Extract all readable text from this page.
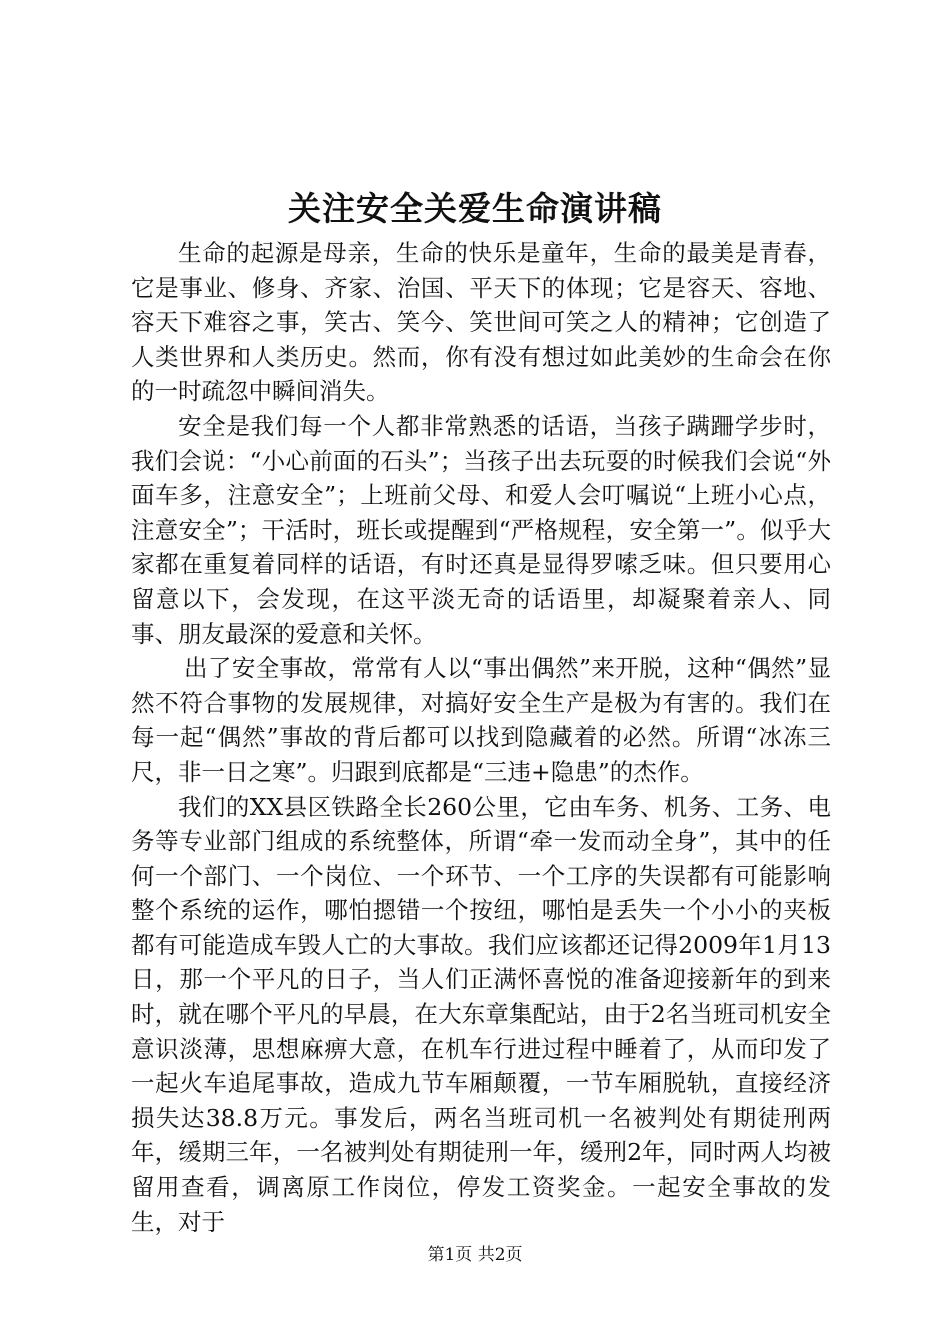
关注安全关爱生命演讲稿

生命的起源是母亲，生命的快乐是童年，生命的最美是青春，它是事业、修身、齐家、治国、平天下的体现；它是容天、容地、容天下难容之事，笑古、笑今、笑世间可笑之人的精神；它创造了人类世界和人类历史。然而，你有没有想过如此美妙的生命会在你的一时疏忽中瞬间消失。

安全是我们每一个人都非常熟悉的话语，当孩子蹒跚学步时，我们会说：“小心前面的石头”；当孩子出去玩耍的时候我们会说“外面车多，注意安全”；上班前父母、和爱人会叮嘱说“上班小心点，注意安全”；干活时，班长或提醒到“严格规程，安全第一”。似乎大家都在重复着同样的话语，有时还真是显得罗嗦乏味。但只要用心留意以下，会发现，在这平淡无奇的话语里，却凝聚着亲人、同事、朋友最深的爱意和关怀。

出了安全事故，常常有人以“事出偶然”来开脱，这种“偶然”显然不符合事物的发展规律，对搞好安全生产是极为有害的。我们在每一起“偶然”事故的背后都可以找到隐藏着的必然。所谓“冰冻三尺，非一日之寒”。归跟到底都是“三违+隐患”的杰作。

我们的XX县区铁路全长260公里，它由车务、机务、工务、电务等专业部门组成的系统整体，所谓“牵一发而动全身”，其中的任何一个部门、一个岗位、一个环节、一个工序的失误都有可能影响整个系统的运作，哪怕摁错一个按纽，哪怕是丢失一个小小的夹板都有可能造成车毁人亡的大事故。我们应该都还记得2009年1月13日，那一个平凡的日子，当人们正满怀喜悦的准备迎接新年的到来时，就在哪个平凡的早晨，在大东章集配站，由于2名当班司机安全意识淡薄，思想麻痹大意，在机车行进过程中睡着了，从而印发了一起火车追尾事故，造成九节车厢颠覆，一节车厢脱轨，直接经济损失达38.8万元。事发后，两名当班司机一名被判处有期徒刑两年，缓期三年，一名被判处有期徒刑一年，缓刑2年，同时两人均被留用查看，调离原工作岗位，停发工资奖金。一起安全事故的发生，对于

第1页 共2页
